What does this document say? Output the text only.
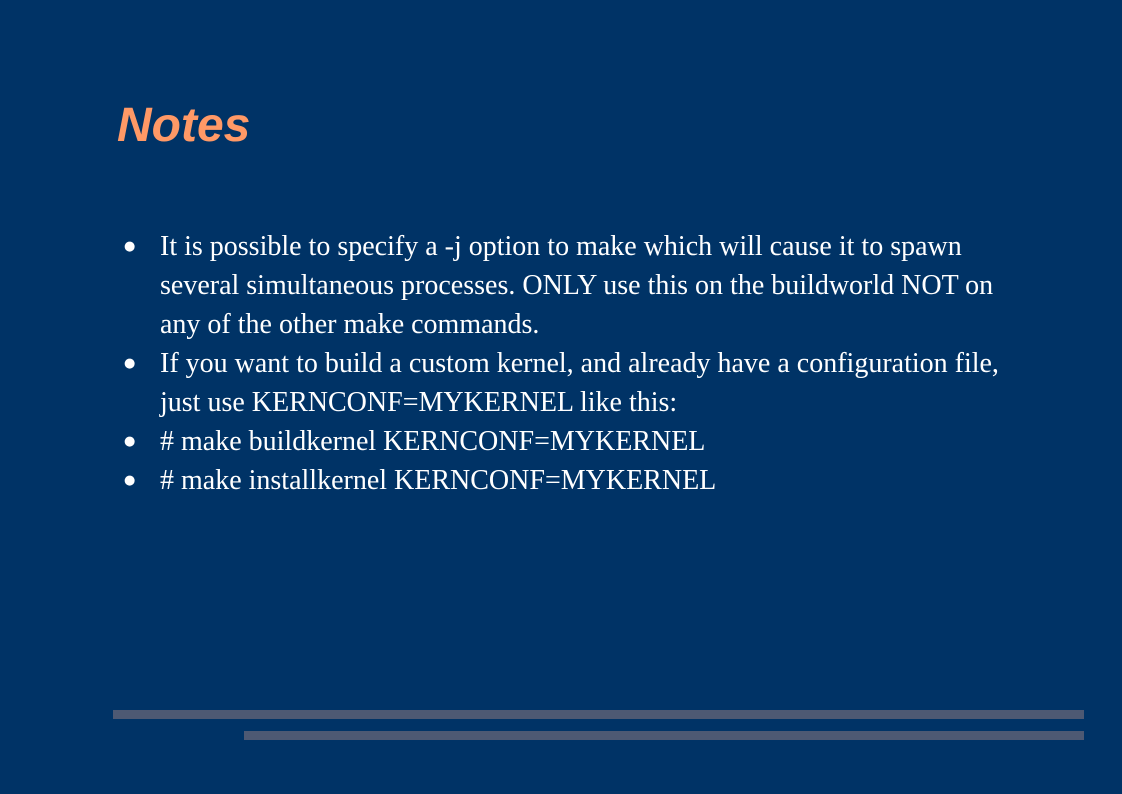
Notes
● It is possible to specify a -j option to make which will cause it to spawn several simultaneous processes. ONLY use this on the buildworld NOT on any of the other make commands.
● If you want to build a custom kernel, and already have a configuration file, just use KERNCONF=MYKERNEL like this:
● # make buildkernel KERNCONF=MYKERNEL
● # make installkernel KERNCONF=MYKERNEL
